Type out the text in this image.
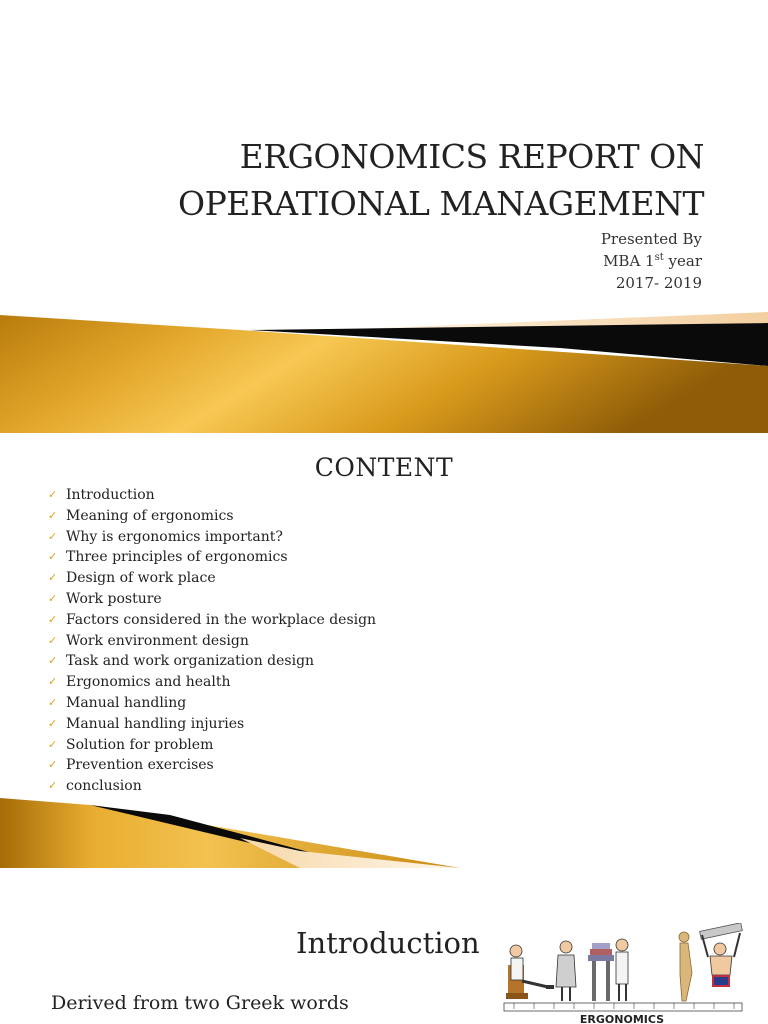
ERGONOMICS REPORT ON
OPERATIONAL MANAGEMENT
Presented By
MBA 1st year
2017- 2019
CONTENT
✓ Introduction
✓ Meaning of ergonomics
✓ Why is ergonomics important?
✓ Three principles of ergonomics
✓ Design of work place
✓ Work posture
✓ Factors considered in the workplace design
✓ Work environment design
✓ Task and work organization design
✓ Ergonomics and health
✓ Manual handling
✓ Manual handling injuries
✓ Solution for problem
✓ Prevention exercises
✓ conclusion
Introduction
Derived from two Greek words
ERGONOMICS
